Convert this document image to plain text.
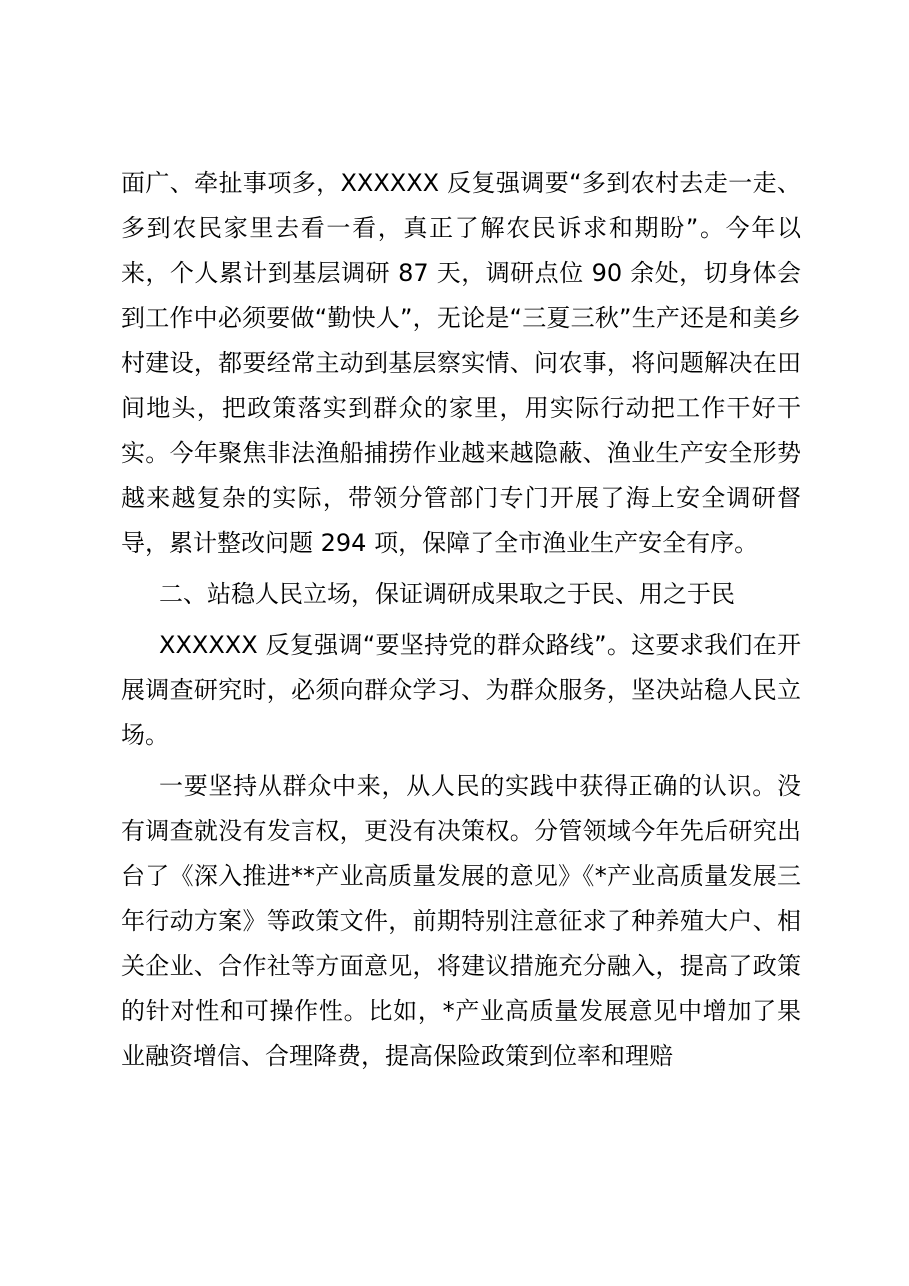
面广、牵扯事项多，XXXXXX 反复强调要“多到农村去走一走、多到农民家里去看一看，真正了解农民诉求和期盼”。今年以来，个人累计到基层调研 87 天，调研点位 90 余处，切身体会到工作中必须要做“勤快人”，无论是“三夏三秋”生产还是和美乡村建设，都要经常主动到基层察实情、问农事，将问题解决在田间地头，把政策落实到群众的家里，用实际行动把工作干好干实。今年聚焦非法渔船捕捞作业越来越隐蔽、渔业生产安全形势越来越复杂的实际，带领分管部门专门开展了海上安全调研督导，累计整改问题 294 项，保障了全市渔业生产安全有序。

二、站稳人民立场，保证调研成果取之于民、用之于民

XXXXXX 反复强调“要坚持党的群众路线”。这要求我们在开展调查研究时，必须向群众学习、为群众服务，坚决站稳人民立场。

一要坚持从群众中来，从人民的实践中获得正确的认识。没有调查就没有发言权，更没有决策权。分管领域今年先后研究出台了《深入推进**产业高质量发展的意见》《*产业高质量发展三年行动方案》等政策文件，前期特别注意征求了种养殖大户、相关企业、合作社等方面意见，将建议措施充分融入，提高了政策的针对性和可操作性。比如，*产业高质量发展意见中增加了果业融资增信、合理降费，提高保险政策到位率和理赔
